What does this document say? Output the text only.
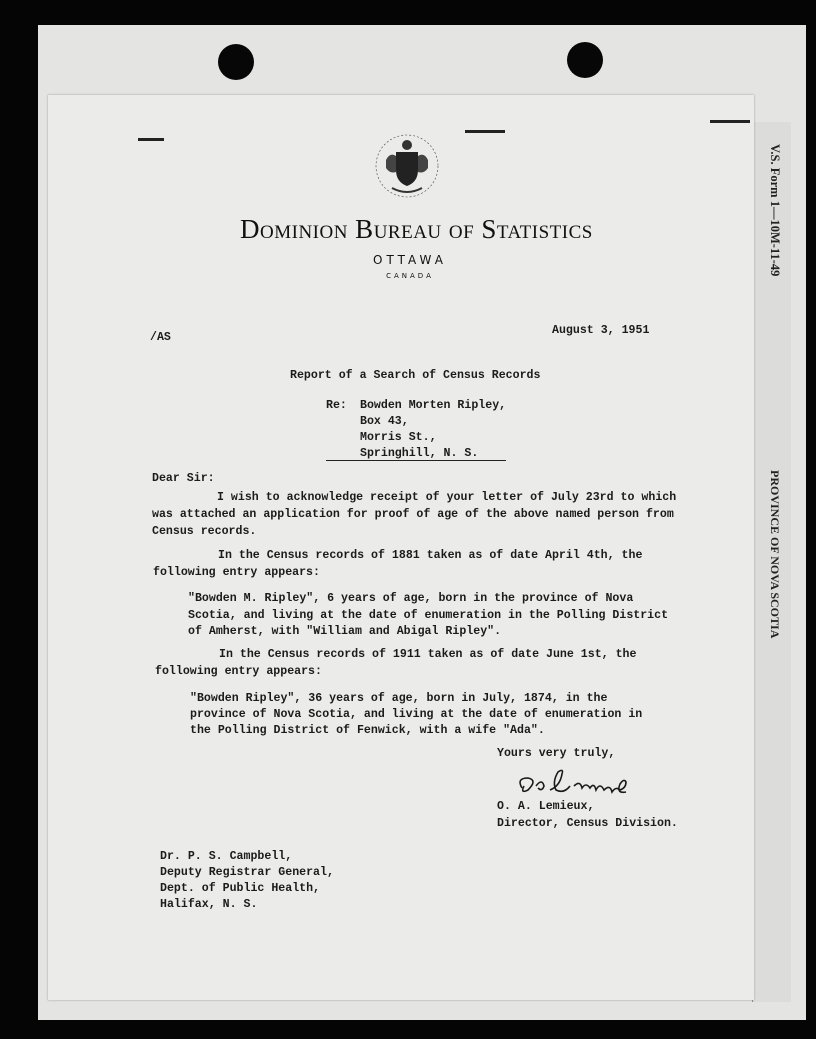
V.S. Form 1—10M-11-49
PROVINCE OF NOVA SCOTIA
Dominion Bureau of Statistics
OTTAWA
CANADA
/AS
August 3, 1951
Report of a Search of Census Records
Re: Bowden Morten Ripley,
Box 43,
Morris St.,
Springhill, N. S.
Dear Sir:
I wish to acknowledge receipt of your letter of July 23rd to which
was attached an application for proof of age of the above named person from
Census records.
In the Census records of 1881 taken as of date April 4th, the
following entry appears:
"Bowden M. Ripley", 6 years of age, born in the province of Nova
Scotia, and living at the date of enumeration in the Polling District
of Amherst, with "William and Abigal Ripley".
In the Census records of 1911 taken as of date June 1st, the
following entry appears:
"Bowden Ripley", 36 years of age, born in July, 1874, in the
province of Nova Scotia, and living at the date of enumeration in
the Polling District of Fenwick, with a wife "Ada".
Yours very truly,
O. A. Lemieux,
Director, Census Division.
Dr. P. S. Campbell,
Deputy Registrar General,
Dept. of Public Health,
Halifax, N. S.
